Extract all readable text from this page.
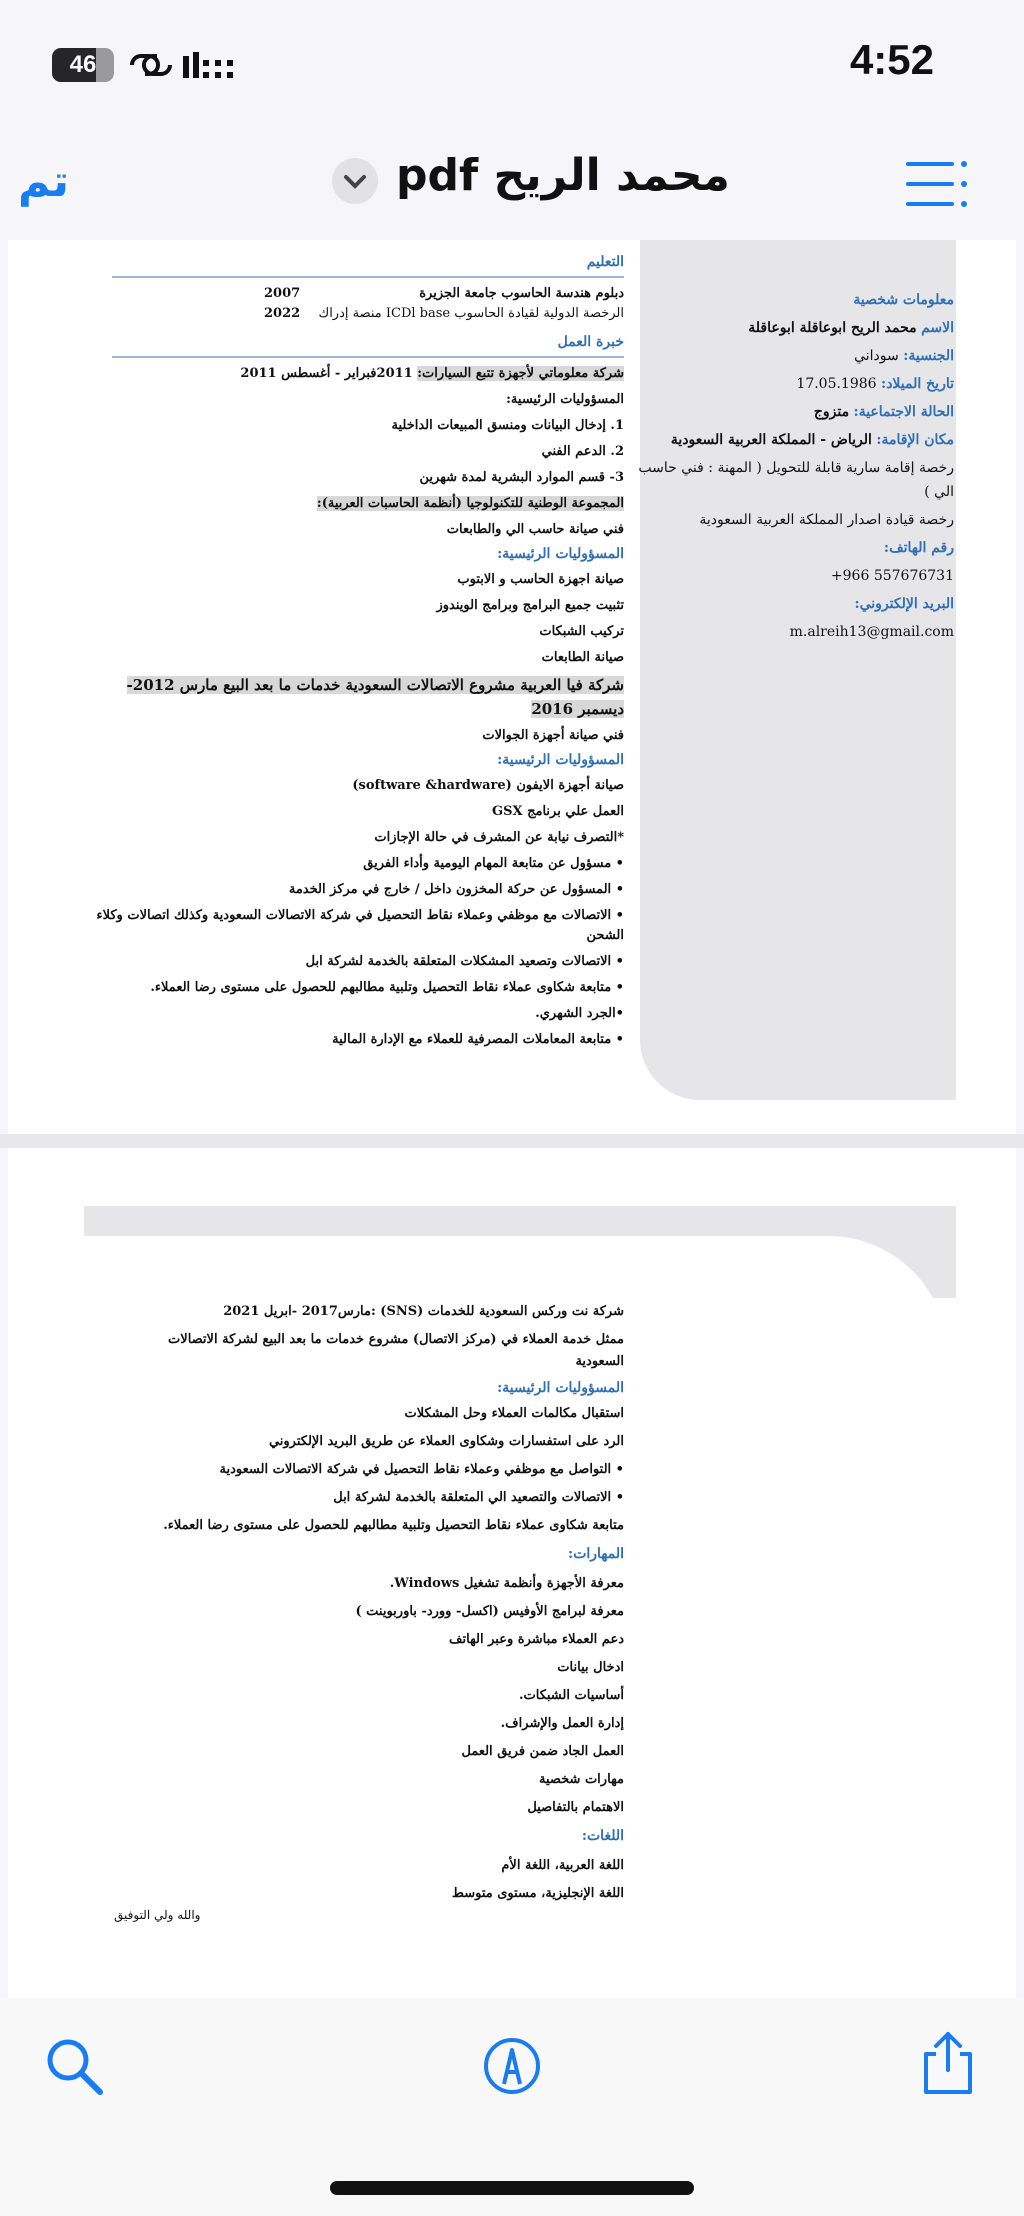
46	4:52
تم	محمد الريح pdf
معلومات شخصية
الاسم محمد الريح ابوعاقلة ابوعاقلة
الجنسية: سوداني
تاريخ الميلاد: 17.05.1986
الحالة الاجتماعية: متزوج
مكان الإقامة: الرياض - المملكة العربية السعودية
رخصة إقامة سارية قابلة للتحويل ( المهنة : فني حاسب
الي )
رخصة قيادة اصدار المملكة العربية السعودية
رقم الهاتف:
+966 557676731
البريد الإلكتروني:
m.alreih13@gmail.com
التعليم
دبلوم هندسة الحاسوب جامعة الجزيرة
2007
الرخصة الدولية لقيادة الحاسوب ICDl base منصة إدراك
2022
خبرة العمل
شركة معلوماتي لأجهزة تتبع السيارات: 2011فبراير - أغسطس 2011
المسؤوليات الرئيسية:
1. إدخال البيانات ومنسق المبيعات الداخلية
2. الدعم الفني
3- قسم الموارد البشرية لمدة شهرين
المجموعة الوطنية للتكنولوجيا (أنظمة الحاسبات العربية):
فني صيانة حاسب الي والطابعات
المسؤوليات الرئيسية:
صيانة اجهزة الحاسب و الابتوب
تثبيت جميع البرامج وبرامج الويندوز
تركيب الشبكات
صيانة الطابعات
شركة فيا العربية مشروع الاتصالات السعودية خدمات ما بعد البيع مارس 2012-
ديسمبر 2016
فني صيانة أجهزة الجوالات
المسؤوليات الرئيسية:
صيانة أجهزة الايفون (software &hardware)
العمل علي برنامج GSX
*التصرف نيابة عن المشرف في حالة الإجازات
• مسؤول عن متابعة المهام اليومية وأداء الفريق
• المسؤول عن حركة المخزون داخل / خارج في مركز الخدمة
• الاتصالات مع موظفي وعملاء نقاط التحصيل في شركة الاتصالات السعودية وكذلك اتصالات وكلاء
الشحن
• الاتصالات وتصعيد المشكلات المتعلقة بالخدمة لشركة ابل
• متابعة شكاوى عملاء نقاط التحصيل وتلبية مطالبهم للحصول على مستوى رضا العملاء.
•الجرد الشهري.
• متابعة المعاملات المصرفية للعملاء مع الإدارة المالية
شركة نت وركس السعودية للخدمات (SNS) :مارس2017 -ابريل 2021
ممثل خدمة العملاء في (مركز الاتصال) مشروع خدمات ما بعد البيع لشركة الاتصالات
السعودية
المسؤوليات الرئيسية:
استقبال مكالمات العملاء وحل المشكلات
الرد على استفسارات وشكاوى العملاء عن طريق البريد الإلكتروني
• التواصل مع موظفي وعملاء نقاط التحصيل في شركة الاتصالات السعودية
• الاتصالات والتصعيد الي المتعلقة بالخدمة لشركة ابل
متابعة شكاوى عملاء نقاط التحصيل وتلبية مطالبهم للحصول على مستوى رضا العملاء.
المهارات:
معرفة الأجهزة وأنظمة تشغيل Windows.
معرفة لبرامج الأوفيس (اكسل- وورد- باوربوينت )
دعم العملاء مباشرة وعبر الهاتف
ادخال بيانات
أساسيات الشبكات.
إدارة العمل والإشراف.
العمل الجاد ضمن فريق العمل
مهارات شخصية
الاهتمام بالتفاصيل
اللغات:
اللغة العربية، اللغة الأم
اللغة الإنجليزية، مستوى متوسط
والله ولي التوفيق
